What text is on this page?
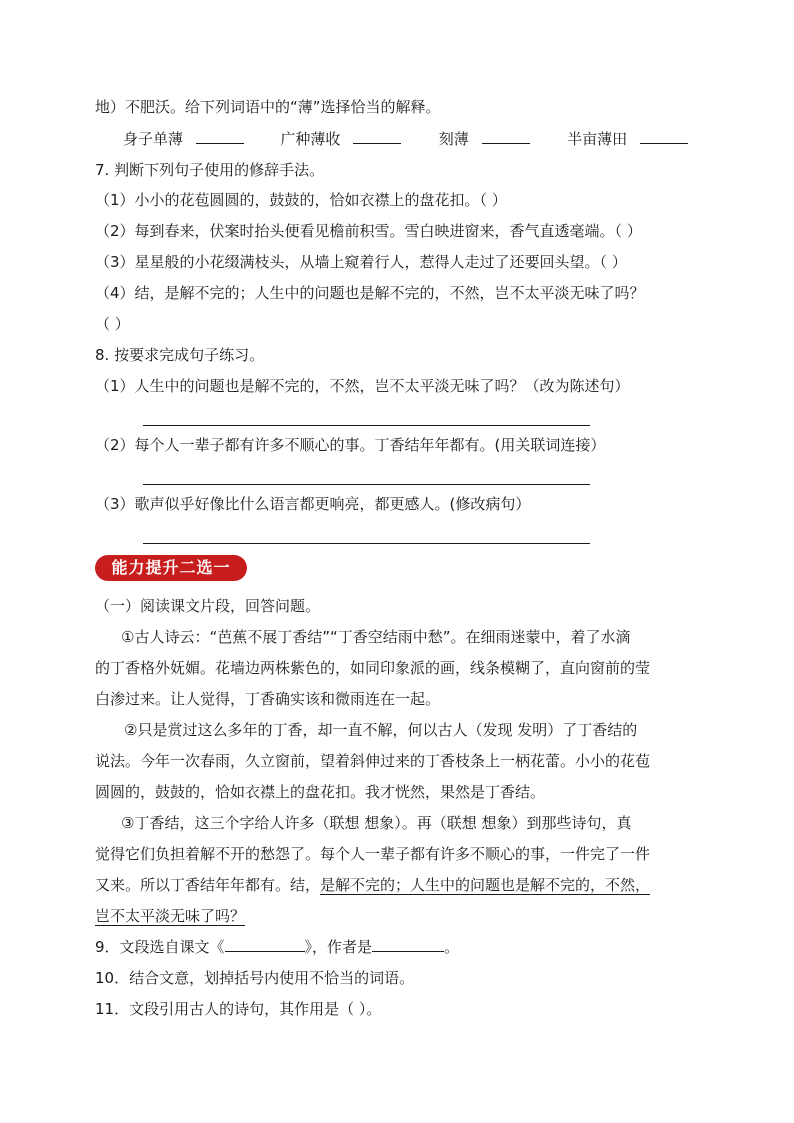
地）不肥沃。给下列词语中的“薄”选择恰当的解释。
身子单薄	广种薄收	刻薄	半亩薄田
7. 判断下列句子使用的修辞手法。
（1）小小的花苞圆圆的，鼓鼓的，恰如衣襟上的盘花扣。（ ）
（2）每到春来，伏案时抬头便看见檐前积雪。雪白映进窗来，香气直透毫端。（ ）
（3）星星般的小花缀满枝头，从墙上窥着行人，惹得人走过了还要回头望。（ ）
（4）结，是解不完的；人生中的问题也是解不完的，不然，岂不太平淡无味了吗？
（ ）
8. 按要求完成句子练习。
（1）人生中的问题也是解不完的，不然，岂不太平淡无味了吗？（改为陈述句）
（2）每个人一辈子都有许多不顺心的事。丁香结年年都有。(用关联词连接）
（3）歌声似乎好像比什么语言都更响亮，都更感人。(修改病句）
能力提升二选一
（一）阅读课文片段，回答问题。
①古人诗云：“芭蕉不展丁香结”“丁香空结雨中愁”。在细雨迷蒙中，着了水滴
的丁香格外妩媚。花墙边两株紫色的，如同印象派的画，线条模糊了，直向窗前的莹
白渗过来。让人觉得，丁香确实该和微雨连在一起。
②只是赏过这么多年的丁香，却一直不解，何以古人（发现 发明）了丁香结的
说法。今年一次春雨，久立窗前，望着斜伸过来的丁香枝条上一柄花蕾。小小的花苞
圆圆的，鼓鼓的，恰如衣襟上的盘花扣。我才恍然，果然是丁香结。
③丁香结，这三个字给人许多（联想 想象）。再（联想 想象）到那些诗句，真
觉得它们负担着解不开的愁怨了。每个人一辈子都有许多不顺心的事，一件完了一件
又来。所以丁香结年年都有。结，是解不完的；人生中的问题也是解不完的，不然，
岂不太平淡无味了吗？
9．文段选自课文《	》，作者是	。
10．结合文意，划掉括号内使用不恰当的词语。
11．文段引用古人的诗句，其作用是（ ）。
